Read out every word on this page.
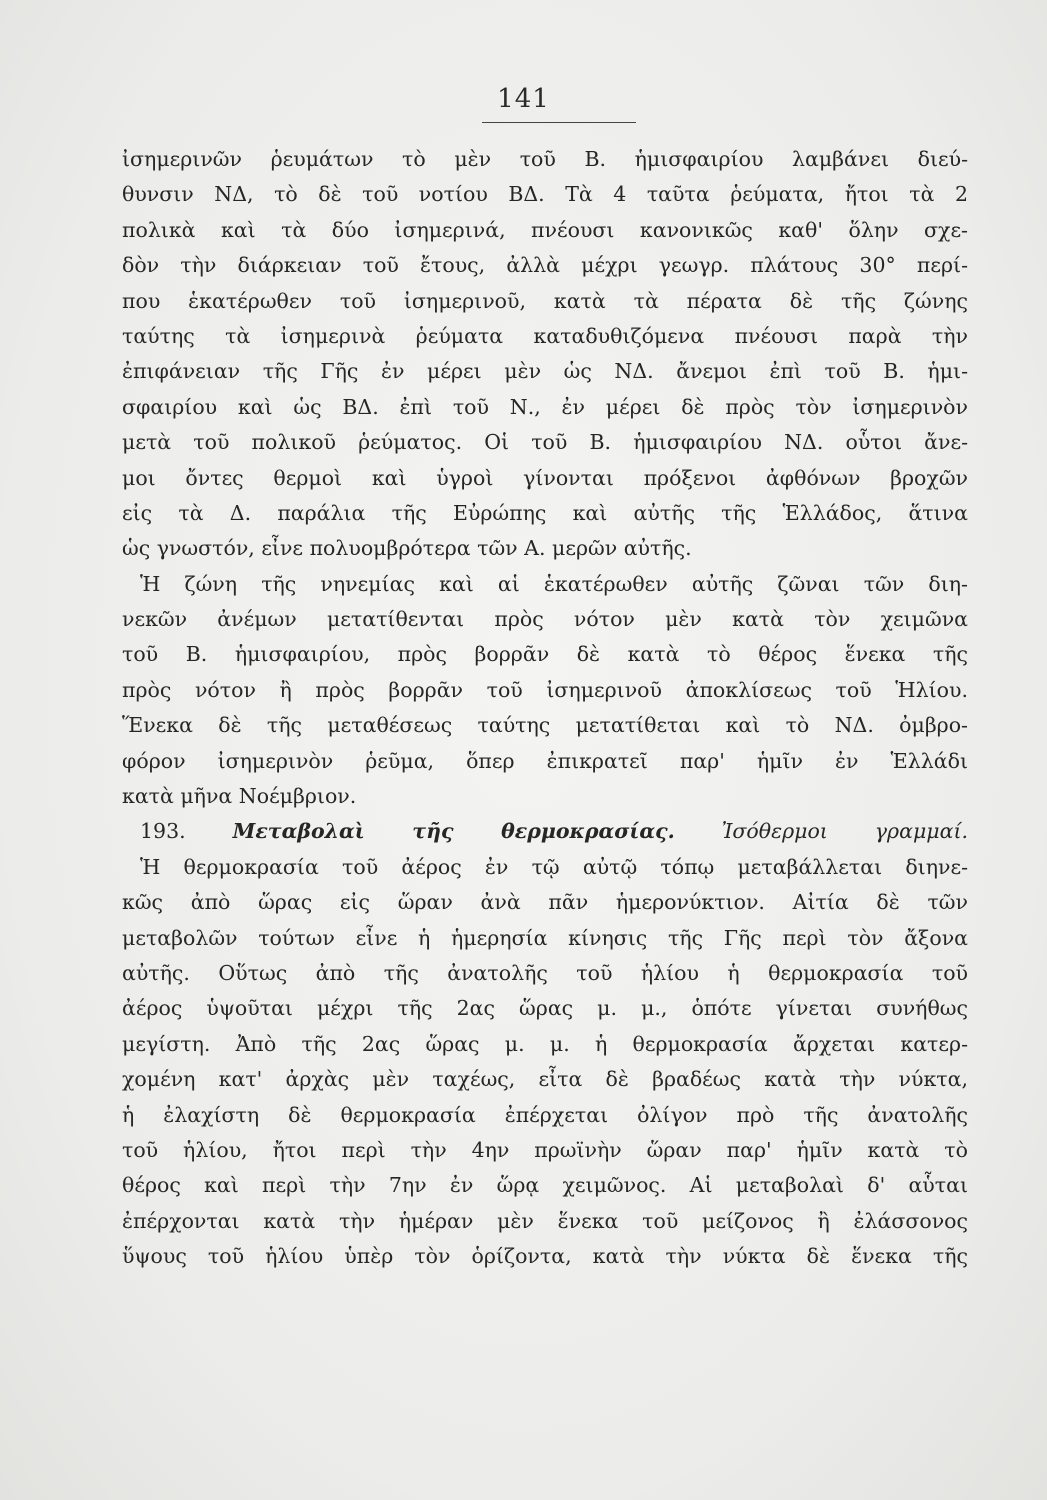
141
ἰσημερινῶν ῥευμάτων τὸ μὲν τοῦ Β. ἡμισφαιρίου λαμβάνει διεύ-
θυνσιν ΝΔ, τὸ δὲ τοῦ νοτίου ΒΔ. Τὰ 4 ταῦτα ῥεύματα, ἤτοι τὰ 2
πολικὰ καὶ τὰ δύο ἰσημερινά, πνέουσι κανονικῶς καθ' ὅλην σχε-
δὸν τὴν διάρκειαν τοῦ ἔτους, ἀλλὰ μέχρι γεωγρ. πλάτους 30° περί-
που ἑκατέρωθεν τοῦ ἰσημερινοῦ, κατὰ τὰ πέρατα δὲ τῆς ζώνης
ταύτης τὰ ἰσημερινὰ ῥεύματα καταδυθιζόμενα πνέουσι παρὰ τὴν
ἐπιφάνειαν τῆς Γῆς ἐν μέρει μὲν ὡς ΝΔ. ἄνεμοι ἐπὶ τοῦ Β. ἡμι-
σφαιρίου καὶ ὡς ΒΔ. ἐπὶ τοῦ Ν., ἐν μέρει δὲ πρὸς τὸν ἰσημερινὸν
μετὰ τοῦ πολικοῦ ῥεύματος. Οἱ τοῦ Β. ἡμισφαιρίου ΝΔ. οὗτοι ἄνε-
μοι ὄντες θερμοὶ καὶ ὑγροὶ γίνονται πρόξενοι ἀφθόνων βροχῶν
εἰς τὰ Δ. παράλια τῆς Εὐρώπης καὶ αὐτῆς τῆς Ἑλλάδος, ἅτινα
ὡς γνωστόν, εἶνε πολυομβρότερα τῶν Α. μερῶν αὐτῆς.
Ἡ ζώνη τῆς νηνεμίας καὶ αἱ ἑκατέρωθεν αὐτῆς ζῶναι τῶν διη-
νεκῶν ἀνέμων μετατίθενται πρὸς νότον μὲν κατὰ τὸν χειμῶνα
τοῦ Β. ἡμισφαιρίου, πρὸς βορρᾶν δὲ κατὰ τὸ θέρος ἕνεκα τῆς
πρὸς νότον ἢ πρὸς βορρᾶν τοῦ ἰσημερινοῦ ἀποκλίσεως τοῦ Ἡλίου.
Ἕνεκα δὲ τῆς μεταθέσεως ταύτης μετατίθεται καὶ τὸ ΝΔ. ὀμβρο-
φόρον ἰσημερινὸν ῥεῦμα, ὅπερ ἐπικρατεῖ παρ' ἡμῖν ἐν Ἑλλάδι
κατὰ μῆνα Νοέμβριον.
193. Μεταβολαὶ τῆς θερμοκρασίας. Ἰσόθερμοι γραμμαί.
Ἡ θερμοκρασία τοῦ ἀέρος ἐν τῷ αὐτῷ τόπῳ μεταβάλλεται διηνε-
κῶς ἀπὸ ὥρας εἰς ὥραν ἀνὰ πᾶν ἡμερονύκτιον. Αἰτία δὲ τῶν
μεταβολῶν τούτων εἶνε ἡ ἡμερησία κίνησις τῆς Γῆς περὶ τὸν ἄξονα
αὐτῆς. Οὕτως ἀπὸ τῆς ἀνατολῆς τοῦ ἡλίου ἡ θερμοκρασία τοῦ
ἀέρος ὑψοῦται μέχρι τῆς 2ας ὥρας μ. μ., ὁπότε γίνεται συνήθως
μεγίστη. Ἀπὸ τῆς 2ας ὥρας μ. μ. ἡ θερμοκρασία ἄρχεται κατερ-
χομένη κατ' ἀρχὰς μὲν ταχέως, εἶτα δὲ βραδέως κατὰ τὴν νύκτα,
ἡ ἐλαχίστη δὲ θερμοκρασία ἐπέρχεται ὀλίγον πρὸ τῆς ἀνατολῆς
τοῦ ἡλίου, ἤτοι περὶ τὴν 4ην πρωϊνὴν ὥραν παρ' ἡμῖν κατὰ τὸ
θέρος καὶ περὶ τὴν 7ην ἐν ὥρᾳ χειμῶνος. Αἱ μεταβολαὶ δ' αὗται
ἐπέρχονται κατὰ τὴν ἡμέραν μὲν ἕνεκα τοῦ μείζονος ἢ ἐλάσσονος
ὕψους τοῦ ἡλίου ὑπὲρ τὸν ὁρίζοντα, κατὰ τὴν νύκτα δὲ ἕνεκα τῆς
